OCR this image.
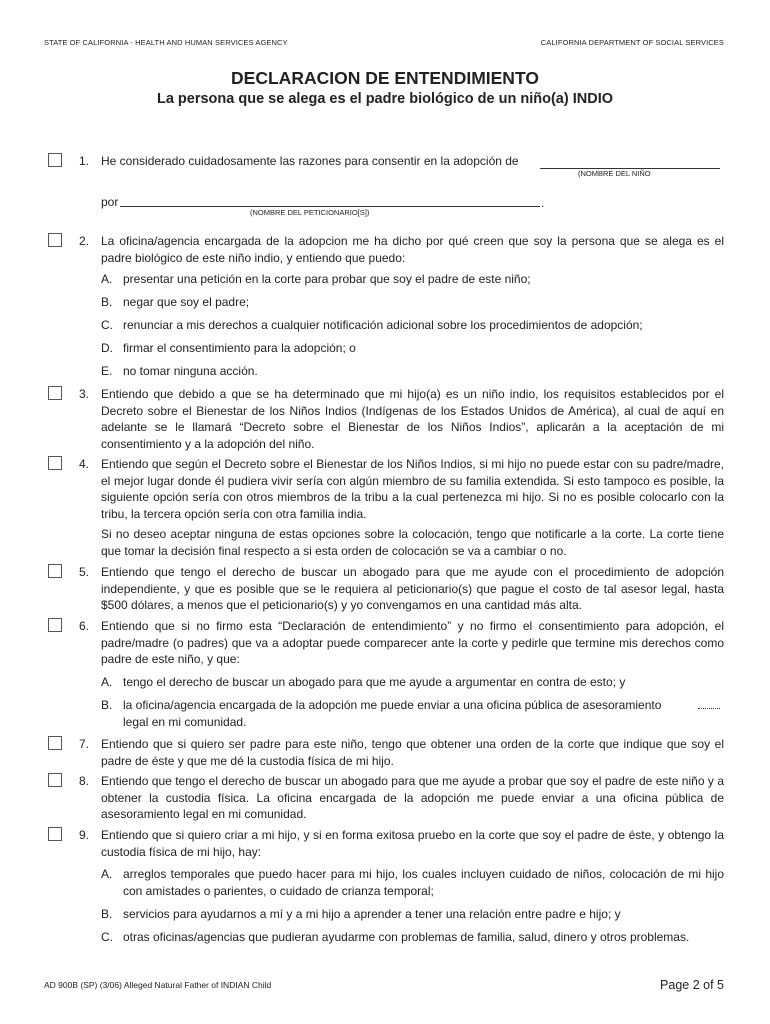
STATE OF CALIFORNIA - HEALTH AND HUMAN SERVICES AGENCY	CALIFORNIA DEPARTMENT OF SOCIAL SERVICES
DECLARACION DE ENTENDIMIENTO
La persona que se alega es el padre biológico de un niño(a) INDIO
1. He considerado cuidadosamente las razones para consentir en la adopción de
(NOMBRE DEL NIÑO
por	.
(NOMBRE DEL PETICIONARIO[S])
2. La oficina/agencia encargada de la adopcion me ha dicho por qué creen que soy la persona que se alega es el padre biológico de este niño indio, y entiendo que puedo:
A. presentar una petición en la corte para probar que soy el padre de este niño;
B. negar que soy el padre;
C. renunciar a mis derechos a cualquier notificación adicional sobre los procedimientos de adopción;
D. firmar el consentimiento para la adopción; o
E. no tomar ninguna acción.
3. Entiendo que debido a que se ha determinado que mi hijo(a) es un niño indio, los requisitos establecidos por el Decreto sobre el Bienestar de los Niños Indios (Indígenas de los Estados Unidos de América), al cual de aquí en adelante se le llamará “Decreto sobre el Bienestar de los Niños Indios”, aplicarán a la aceptación de mi consentimiento y a la adopción del niño.
4. Entiendo que según el Decreto sobre el Bienestar de los Niños Indios, si mi hijo no puede estar con su padre/madre, el mejor lugar donde él pudiera vivir sería con algún miembro de su familia extendida. Si esto tampoco es posible, la siguiente opción sería con otros miembros de la tribu a la cual pertenezca mi hijo. Si no es posible colocarlo con la tribu, la tercera opción sería con otra familia india.
Si no deseo aceptar ninguna de estas opciones sobre la colocación, tengo que notificarle a la corte. La corte tiene que tomar la decisión final respecto a si esta orden de colocación se va a cambiar o no.
5. Entiendo que tengo el derecho de buscar un abogado para que me ayude con el procedimiento de adopción independiente, y que es posible que se le requiera al peticionario(s) que pague el costo de tal asesor legal, hasta $500 dólares, a menos que el peticionario(s) y yo convengamos en una cantidad más alta.
6. Entiendo que si no firmo esta “Declaración de entendimiento” y no firmo el consentimiento para adopción, el padre/madre (o padres) que va a adoptar puede comparecer ante la corte y pedirle que termine mis derechos como padre de este niño, y que:
A. tengo el derecho de buscar un abogado para que me ayude a argumentar en contra de esto; y
B. la oficina/agencia encargada de la adopción me puede enviar a una oficina pública de asesoramiento legal en mi comunidad.
7. Entiendo que si quiero ser padre para este niño, tengo que obtener una orden de la corte que indique que soy el padre de éste y que me dé la custodia física de mi hijo.
8. Entiendo que tengo el derecho de buscar un abogado para que me ayude a probar que soy el padre de este niño y a obtener la custodia física. La oficina encargada de la adopción me puede enviar a una oficina pública de asesoramiento legal en mi comunidad.
9. Entiendo que si quiero criar a mi hijo, y si en forma exitosa pruebo en la corte que soy el padre de éste, y obtengo la custodia física de mi hijo, hay:
A. arreglos temporales que puedo hacer para mi hijo, los cuales incluyen cuidado de niños, colocación de mi hijo con amistades o parientes, o cuidado de crianza temporal;
B. servicios para ayudarnos a mí y a mi hijo a aprender a tener una relación entre padre e hijo; y
C. otras oficinas/agencias que pudieran ayudarme con problemas de familia, salud, dinero y otros problemas.
AD 900B (SP) (3/06) Alleged Natural Father of INDIAN Child	Page 2 of 5
